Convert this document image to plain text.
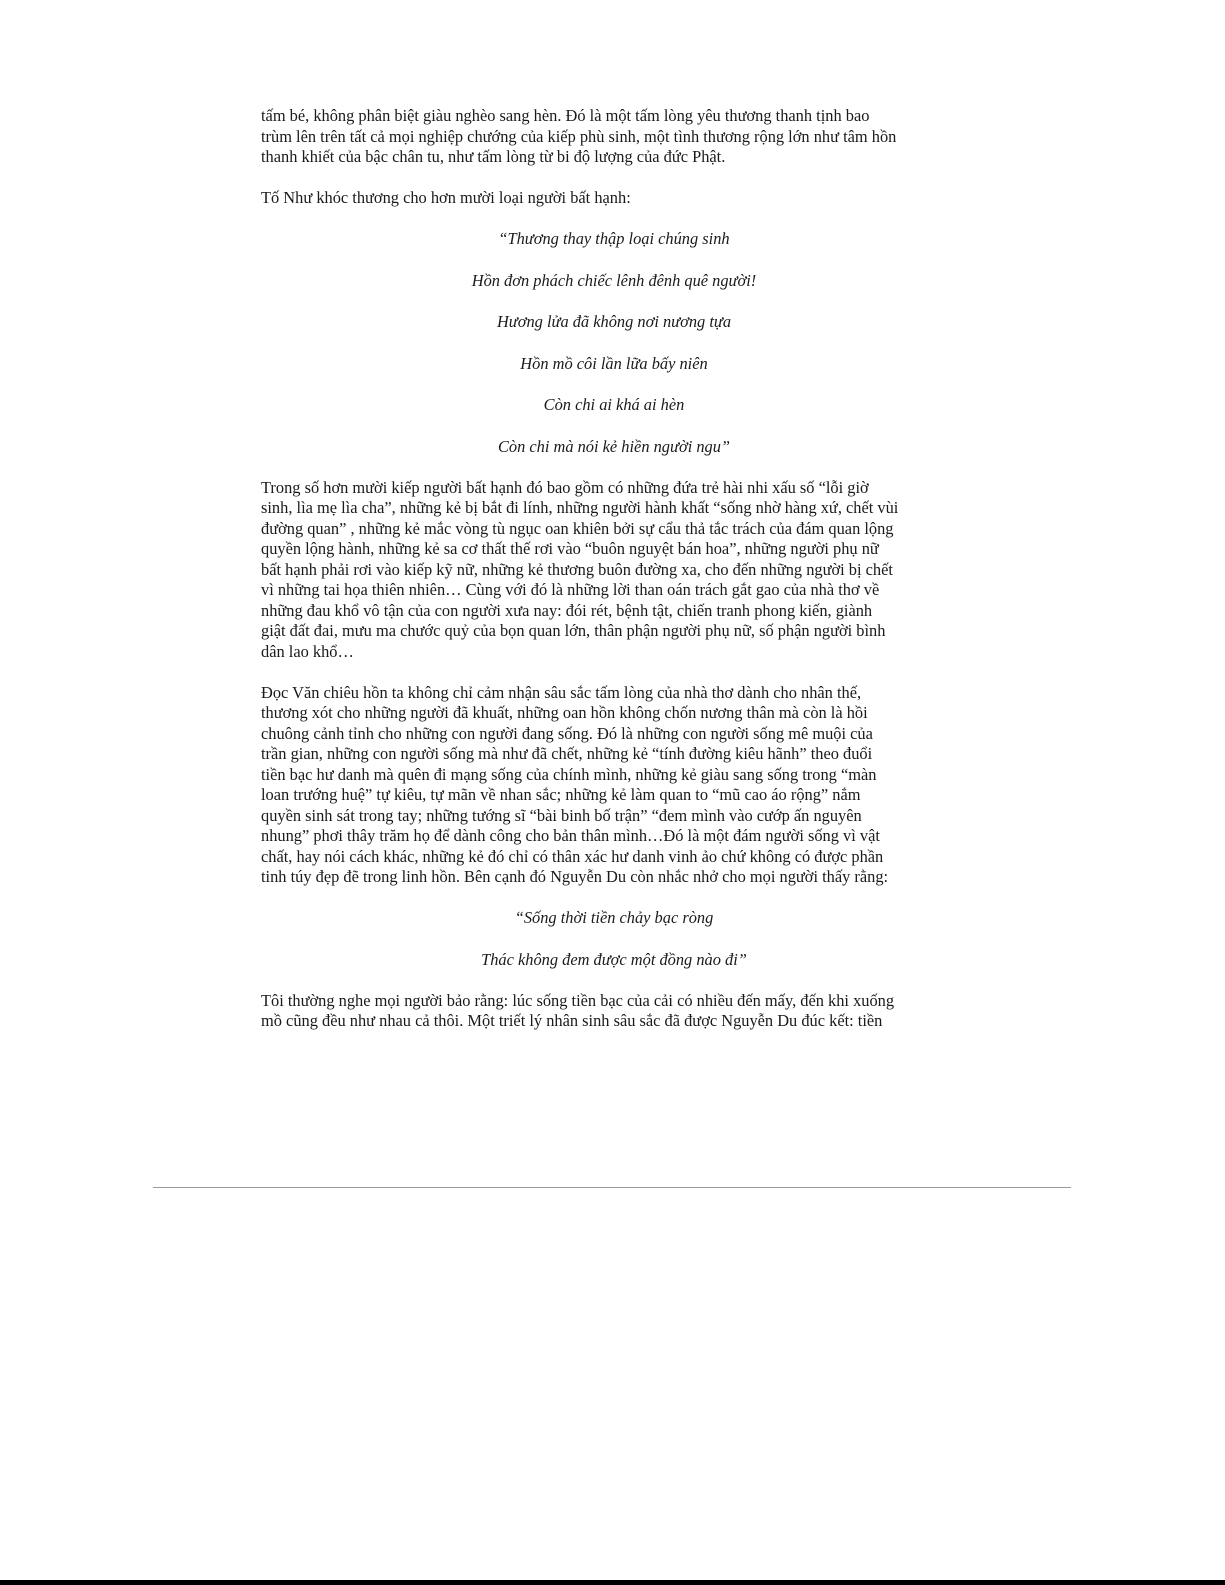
tấm bé, không phân biệt giàu nghèo sang hèn. Đó là một tấm lòng yêu thương thanh tịnh bao

trùm lên trên tất cả mọi nghiệp chướng của kiếp phù sinh, một tình thương rộng lớn như tâm hồn

thanh khiết của bậc chân tu, như tấm lòng từ bi độ lượng của đức Phật.

Tố Như khóc thương cho hơn mười loại người bất hạnh:

“Thương thay thập loại chúng sinh

Hồn đơn phách chiếc lênh đênh quê người!

Hương lửa đã không nơi nương tựa

Hồn mồ côi lần lữa bấy niên

Còn chi ai khá ai hèn

Còn chi mà nói kẻ hiền người ngu”

Trong số hơn mười kiếp người bất hạnh đó bao gồm có những đứa trẻ hài nhi xấu số “lỗi giờ

sinh, lìa mẹ lìa cha”, những kẻ bị bắt đi lính, những người hành khất “sống nhờ hàng xứ, chết vùi

đường quan” , những kẻ mắc vòng tù ngục oan khiên bởi sự cẩu thả tắc trách của đám quan lộng

quyền lộng hành, những kẻ sa cơ thất thế rơi vào “buôn nguyệt bán hoa”, những người phụ nữ

bất hạnh phải rơi vào kiếp kỹ nữ, những kẻ thương buôn đường xa, cho đến những người bị chết

vì những tai họa thiên nhiên… Cùng với đó là những lời than oán trách gắt gao của nhà thơ về

những đau khổ vô tận của con người xưa nay: đói rét, bệnh tật, chiến tranh phong kiến, giành

giật đất đai, mưu ma chước quỷ của bọn quan lớn, thân phận người phụ nữ, số phận người bình

dân lao khổ…

Đọc Văn chiêu hồn ta không chỉ cảm nhận sâu sắc tấm lòng của nhà thơ dành cho nhân thế,

thương xót cho những người đã khuất, những oan hồn không chốn nương thân mà còn là hồi

chuông cảnh tỉnh cho những con người đang sống. Đó là những con người sống mê muội của

trần gian, những con người sống mà như đã chết, những kẻ “tính đường kiêu hãnh” theo đuổi

tiền bạc hư danh mà quên đi mạng sống của chính mình, những kẻ giàu sang sống trong “màn

loan trướng huệ” tự kiêu, tự mãn về nhan sắc; những kẻ làm quan to “mũ cao áo rộng” nắm

quyền sinh sát trong tay; những tướng sĩ “bài binh bố trận” “đem mình vào cướp ấn nguyên

nhung” phơi thây trăm họ để dành công cho bản thân mình…Đó là một đám người sống vì vật

chất, hay nói cách khác, những kẻ đó chỉ có thân xác hư danh vinh ảo chứ không có được phần

tinh túy đẹp đẽ trong linh hồn. Bên cạnh đó Nguyễn Du còn nhắc nhở cho mọi người thấy rằng:

“Sống thời tiền chảy bạc ròng

Thác không đem được một đồng nào đi”

Tôi thường nghe mọi người bảo rằng: lúc sống tiền bạc của cải có nhiều đến mấy, đến khi xuống

mồ cũng đều như nhau cả thôi. Một triết lý nhân sinh sâu sắc đã được Nguyễn Du đúc kết: tiền
